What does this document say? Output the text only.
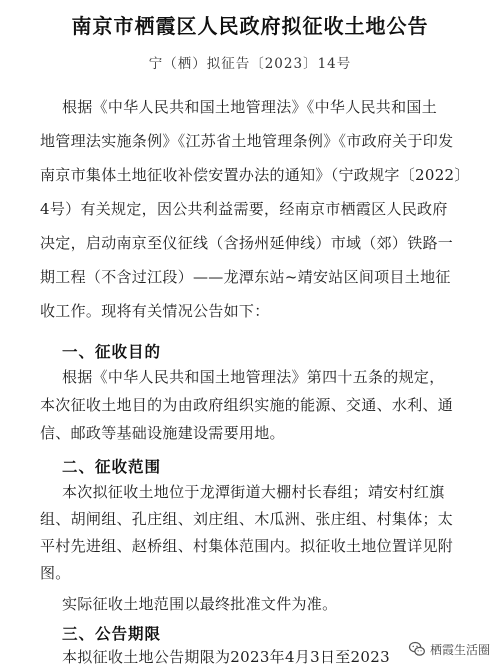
南京市栖霞区人民政府拟征收土地公告
宁（栖）拟征告〔2023〕14号
根据《中华人民共和国土地管理法》《中华人民共和国土
地管理法实施条例》《江苏省土地管理条例》《市政府关于印发
南京市集体土地征收补偿安置办法的通知》（宁政规字〔2022〕
4号）有关规定，因公共利益需要，经南京市栖霞区人民政府
决定，启动南京至仪征线（含扬州延伸线）市域（郊）铁路一
期工程（不含过江段）——龙潭东站~靖安站区间项目土地征
收工作。现将有关情况公告如下：
一、征收目的
根据《中华人民共和国土地管理法》第四十五条的规定，
本次征收土地目的为由政府组织实施的能源、交通、水利、通
信、邮政等基础设施建设需要用地。
二、征收范围
本次拟征收土地位于龙潭街道大棚村长春组；靖安村红旗
组、胡闸组、孔庄组、刘庄组、木瓜洲、张庄组、村集体；太
平村先进组、赵桥组、村集体范围内。拟征收土地位置详见附
图。
实际征收土地范围以最终批准文件为准。
三、公告期限
本拟征收土地公告期限为2023年4月3日至2023	栖霞生活圈
